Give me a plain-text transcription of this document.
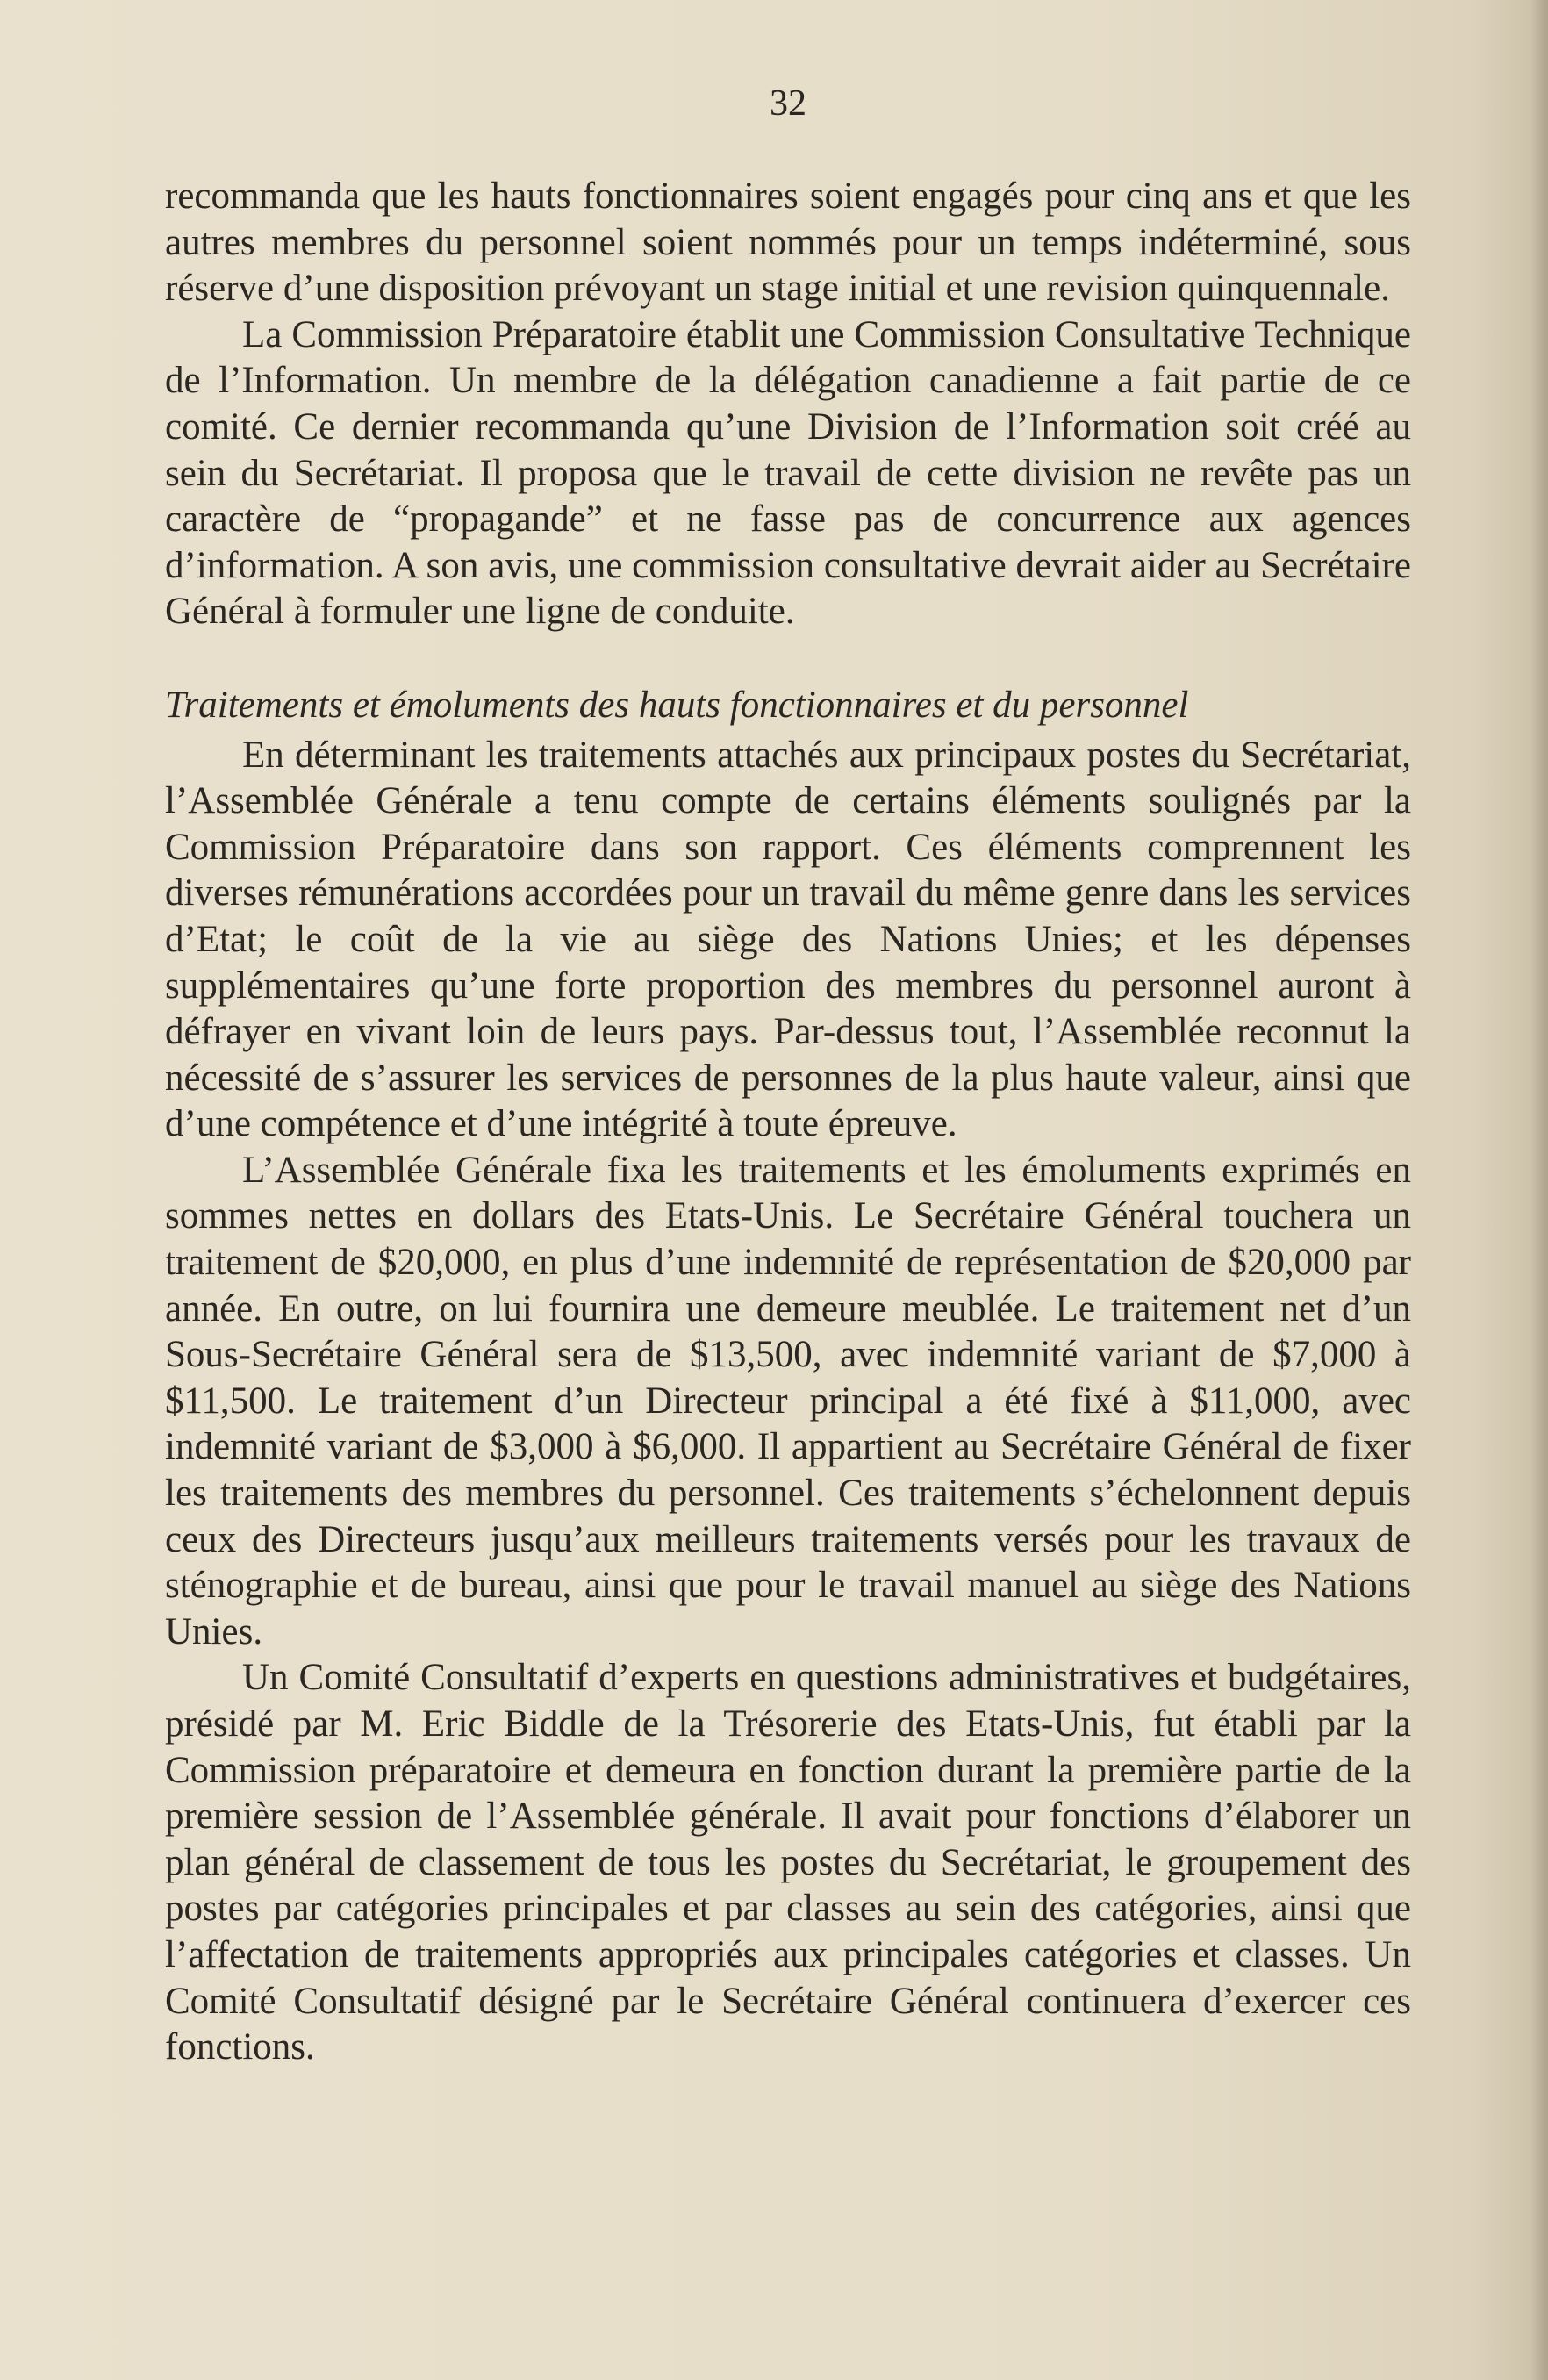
32

recommanda que les hauts fonctionnaires soient engagés pour cinq ans et que les autres membres du personnel soient nommés pour un temps indéterminé, sous réserve d’une disposition prévoyant un stage initial et une revision quinquennale.

La Commission Préparatoire établit une Commission Consultative Technique de l’Information. Un membre de la délégation canadienne a fait partie de ce comité. Ce dernier recommanda qu’une Division de l’Information soit créé au sein du Secrétariat. Il proposa que le travail de cette division ne revête pas un caractère de “propagande” et ne fasse pas de concurrence aux agences d’information. A son avis, une commission consultative devrait aider au Secrétaire Général à formuler une ligne de conduite.

Traitements et émoluments des hauts fonctionnaires et du personnel

En déterminant les traitements attachés aux principaux postes du Secrétariat, l’Assemblée Générale a tenu compte de certains éléments soulignés par la Commission Préparatoire dans son rapport. Ces éléments comprennent les diverses rémunérations accordées pour un travail du même genre dans les services d’Etat; le coût de la vie au siège des Nations Unies; et les dépenses supplémentaires qu’une forte proportion des membres du personnel auront à défrayer en vivant loin de leurs pays. Par-dessus tout, l’Assemblée reconnut la nécessité de s’assurer les services de personnes de la plus haute valeur, ainsi que d’une compétence et d’une intégrité à toute épreuve.

L’Assemblée Générale fixa les traitements et les émoluments exprimés en sommes nettes en dollars des Etats-Unis. Le Secrétaire Général touchera un traitement de $20,000, en plus d’une indemnité de représentation de $20,000 par année. En outre, on lui fournira une demeure meublée. Le traitement net d’un Sous-Secrétaire Général sera de $13,500, avec indemnité variant de $7,000 à $11,500. Le traitement d’un Directeur principal a été fixé à $11,000, avec indemnité variant de $3,000 à $6,000. Il appartient au Secrétaire Général de fixer les traitements des membres du personnel. Ces traitements s’échelonnent depuis ceux des Directeurs jusqu’aux meilleurs traitements versés pour les travaux de sténographie et de bureau, ainsi que pour le travail manuel au siège des Nations Unies.

Un Comité Consultatif d’experts en questions administratives et budgétaires, présidé par M. Eric Biddle de la Trésorerie des Etats-Unis, fut établi par la Commission préparatoire et demeura en fonction durant la première partie de la première session de l’Assemblée générale. Il avait pour fonctions d’élaborer un plan général de classement de tous les postes du Secrétariat, le groupement des postes par catégories principales et par classes au sein des catégories, ainsi que l’affectation de traitements appropriés aux principales catégories et classes. Un Comité Consultatif désigné par le Secrétaire Général continuera d’exercer ces fonctions.
